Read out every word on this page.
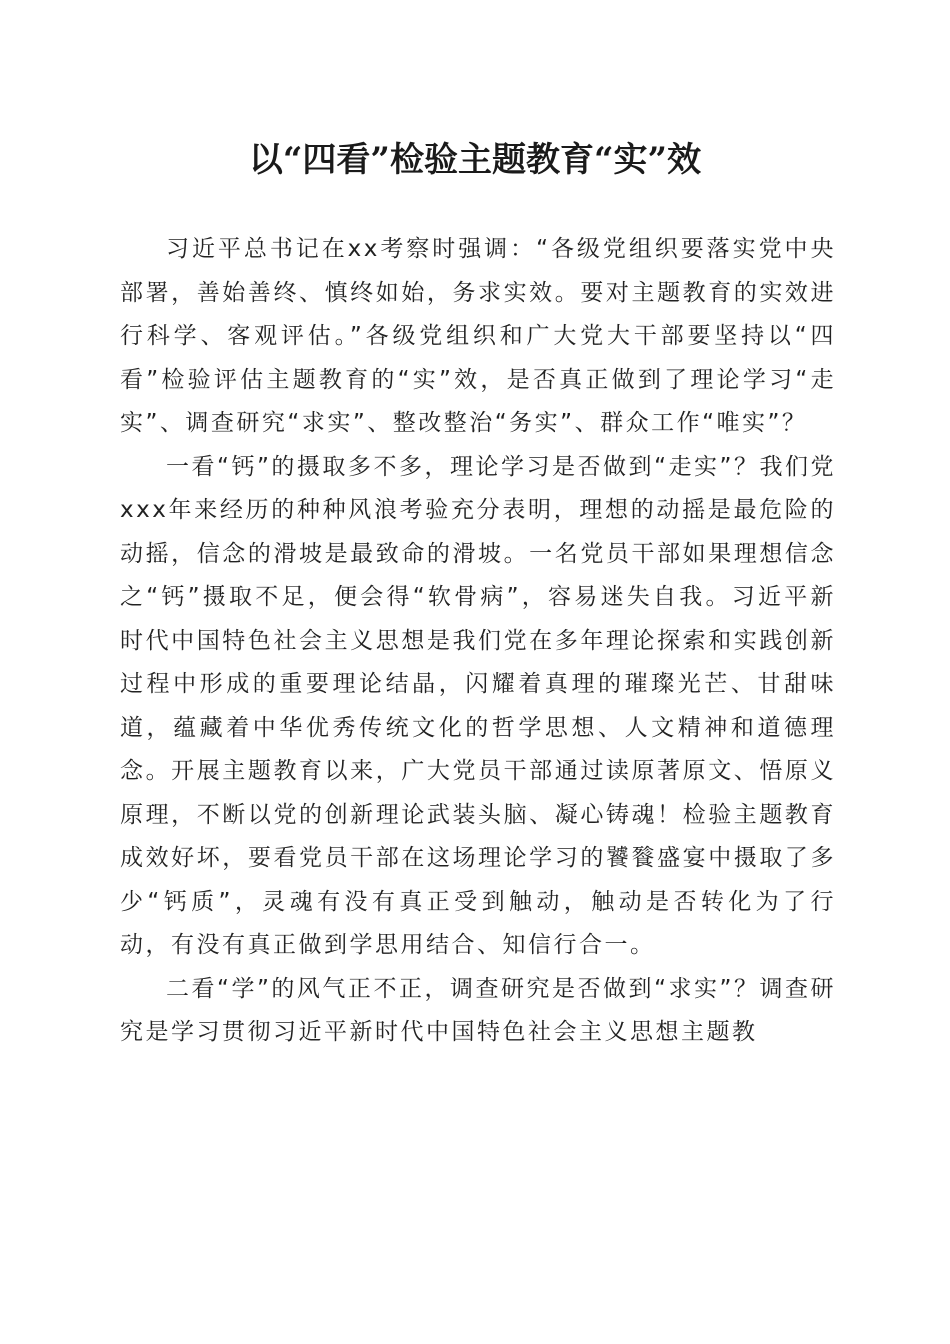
以“四看”检验主题教育“实”效

习近平总书记在xx考察时强调：“各级党组织要落实党中央部署，善始善终、慎终如始，务求实效。要对主题教育的实效进行科学、客观评估。”各级党组织和广大党大干部要坚持以“四看”检验评估主题教育的“实”效，是否真正做到了理论学习“走实”、调查研究“求实”、整改整治“务实”、群众工作“唯实”？

一看“钙”的摄取多不多，理论学习是否做到“走实”？我们党xxx年来经历的种种风浪考验充分表明，理想的动摇是最危险的动摇，信念的滑坡是最致命的滑坡。一名党员干部如果理想信念之“钙”摄取不足，便会得“软骨病”，容易迷失自我。习近平新时代中国特色社会主义思想是我们党在多年理论探索和实践创新过程中形成的重要理论结晶，闪耀着真理的璀璨光芒、甘甜味道，蕴藏着中华优秀传统文化的哲学思想、人文精神和道德理念。开展主题教育以来，广大党员干部通过读原著原文、悟原义原理，不断以党的创新理论武装头脑、凝心铸魂！检验主题教育成效好坏，要看党员干部在这场理论学习的饕餮盛宴中摄取了多少“钙质”，灵魂有没有真正受到触动，触动是否转化为了行动，有没有真正做到学思用结合、知信行合一。

二看“学”的风气正不正，调查研究是否做到“求实”？调查研究是学习贯彻习近平新时代中国特色社会主义思想主题教
